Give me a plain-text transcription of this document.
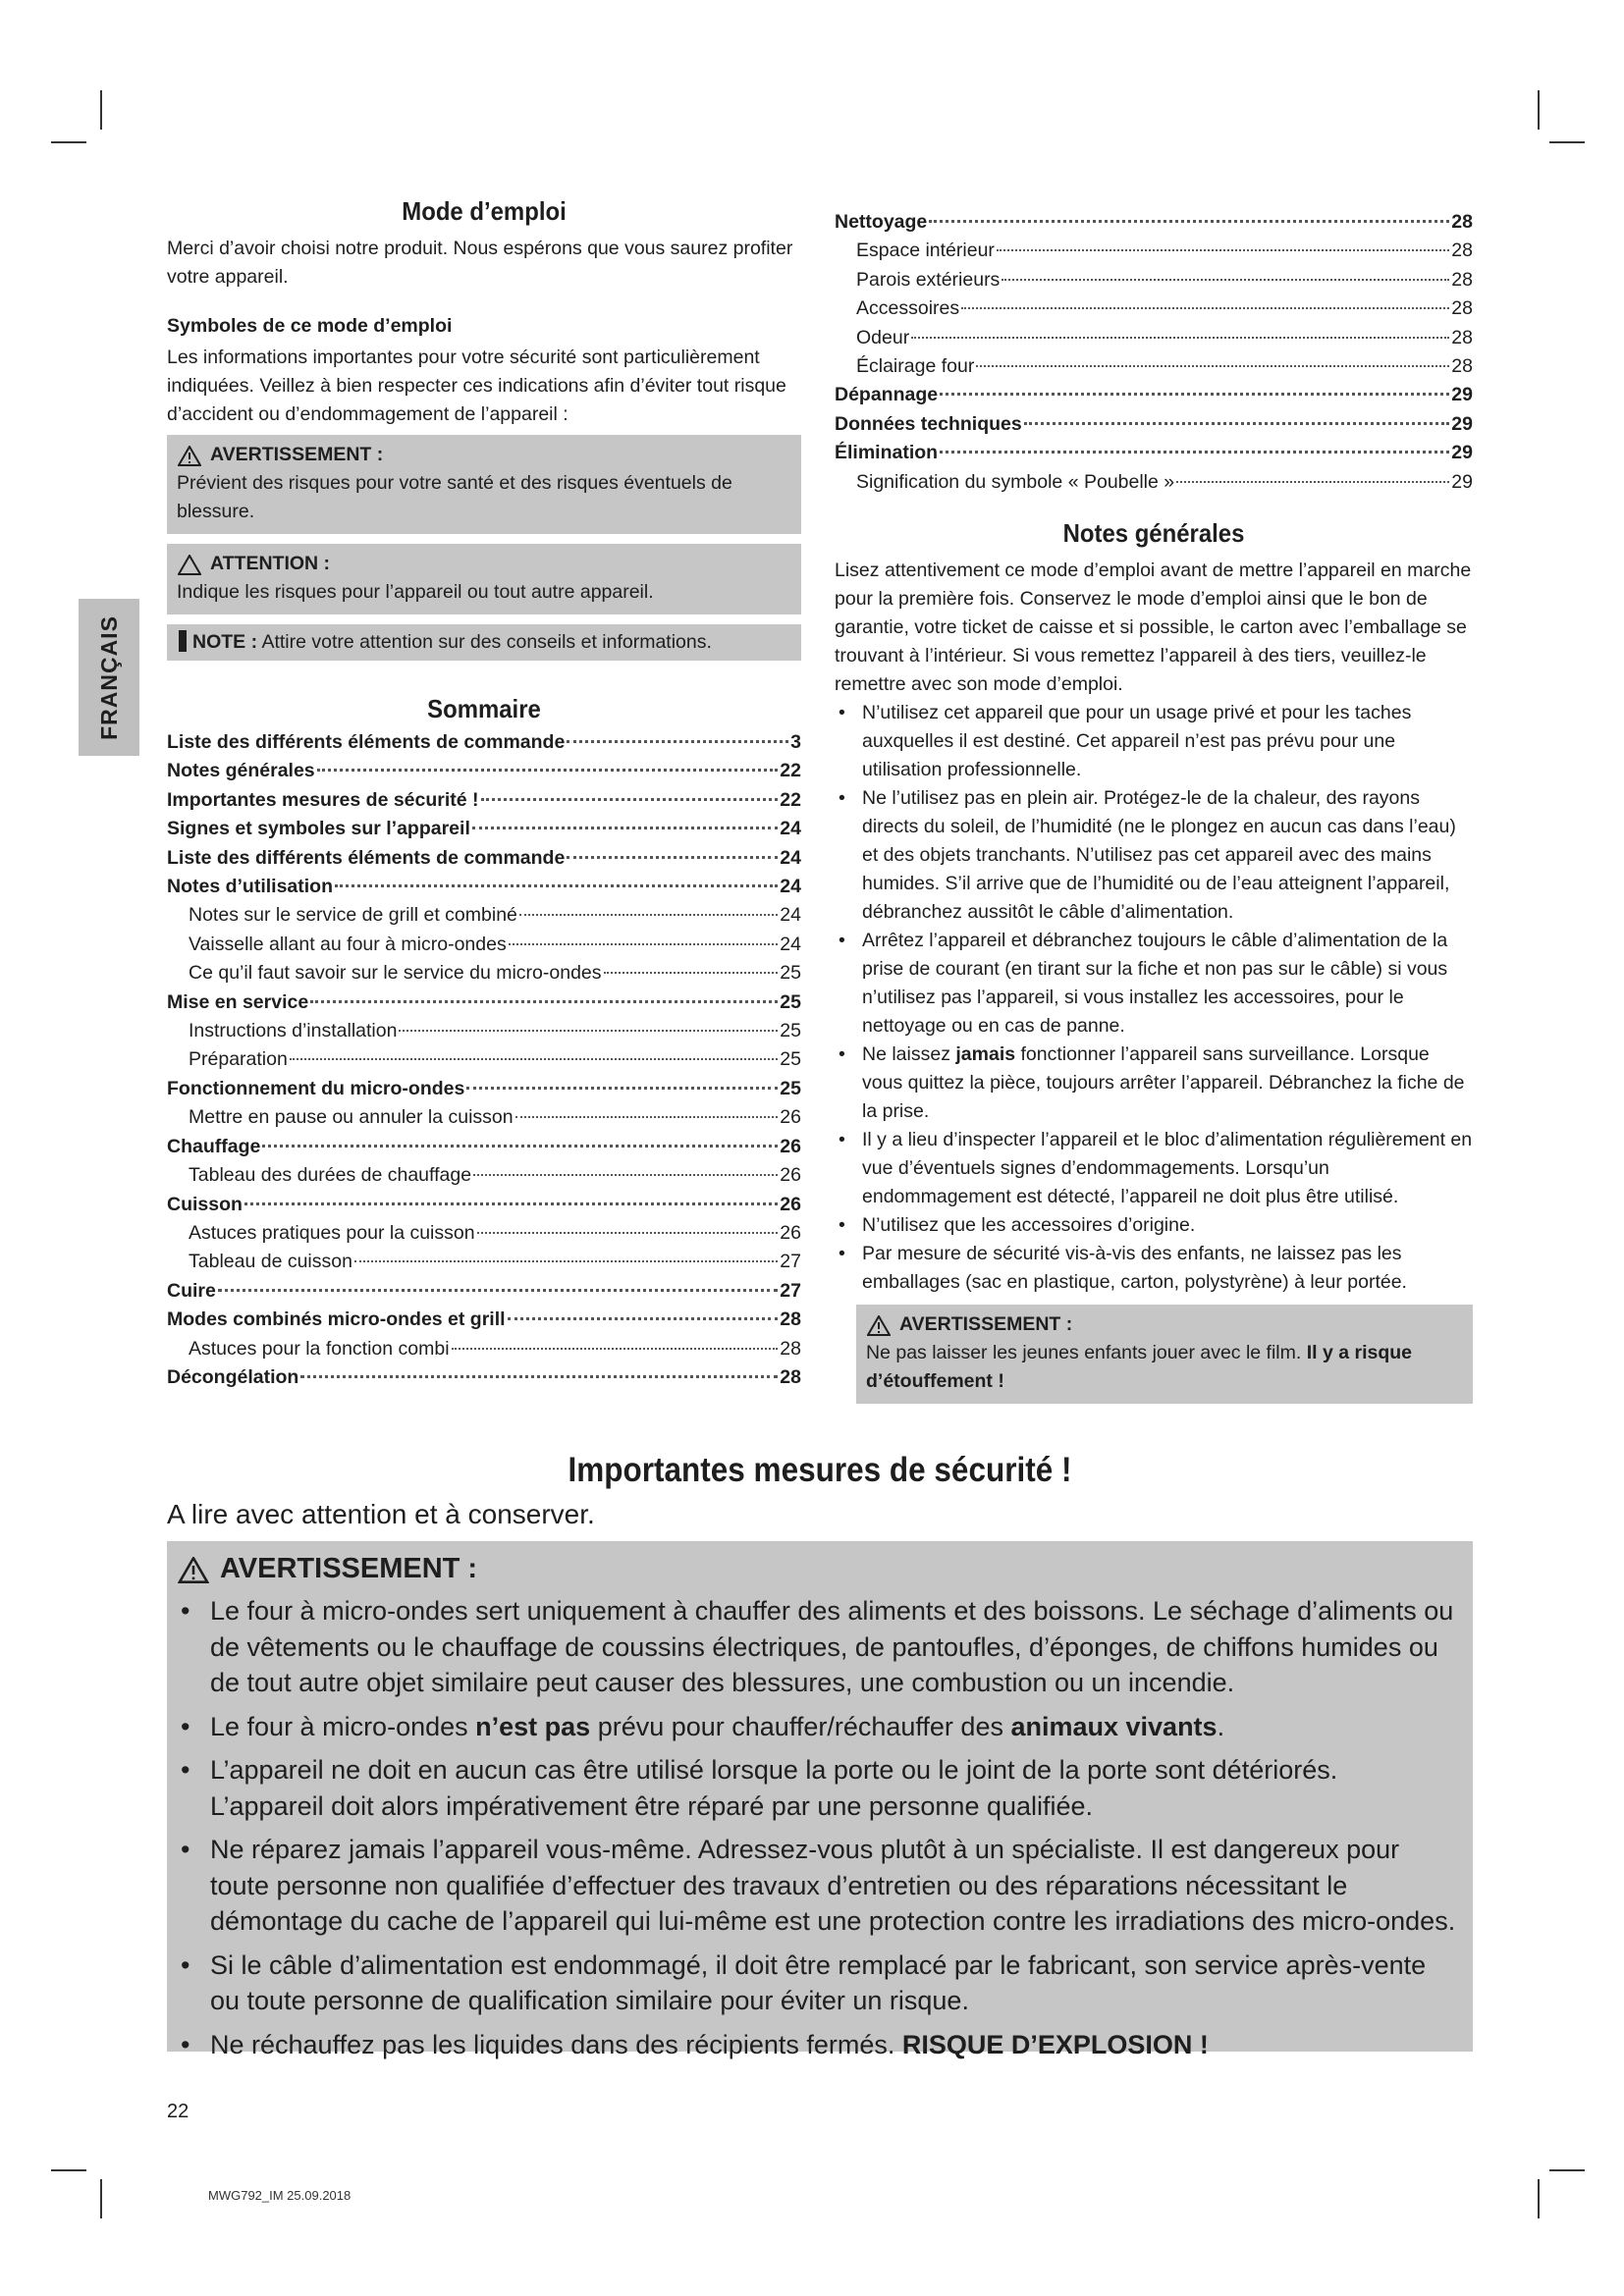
FRANÇAIS
Mode d’emploi

Merci d’avoir choisi notre produit. Nous espérons que vous saurez profiter votre appareil.

Symboles de ce mode d’emploi

Les informations importantes pour votre sécurité sont particulièrement indiquées. Veillez à bien respecter ces indications afin d’éviter tout risque d’accident ou d’endommagement de l’appareil :

AVERTISSEMENT :
Prévient des risques pour votre santé et des risques éventuels de blessure.
ATTENTION :
Indique les risques pour l’appareil ou tout autre appareil.
NOTE : Attire votre attention sur des conseils et informations.
Sommaire
Liste des différents éléments de commande	3
Notes générales	22
Importantes mesures de sécurité !	22
Signes et symboles sur l’appareil	24
Liste des différents éléments de commande	24
Notes d’utilisation	24
Notes sur le service de grill et combiné	24
Vaisselle allant au four à micro-ondes	24
Ce qu’il faut savoir sur le service du micro-ondes	25
Mise en service	25
Instructions d’installation	25
Préparation	25
Fonctionnement du micro-ondes	25
Mettre en pause ou annuler la cuisson	26
Chauffage	26
Tableau des durées de chauffage	26
Cuisson	26
Astuces pratiques pour la cuisson	26
Tableau de cuisson	27
Cuire	27
Modes combinés micro-ondes et grill	28
Astuces pour la fonction combi	28
Décongélation	28
Nettoyage	28
Espace intérieur	28
Parois extérieurs	28
Accessoires	28
Odeur	28
Éclairage four	28
Dépannage	29
Données techniques	29
Élimination	29
Signification du symbole « Poubelle »	29
Notes générales

Lisez attentivement ce mode d’emploi avant de mettre l’appareil en marche pour la première fois. Conservez le mode d’emploi ainsi que le bon de garantie, votre ticket de caisse et si possible, le carton avec l’emballage se trouvant à l’intérieur. Si vous remettez l’appareil à des tiers, veuillez-le remettre avec son mode d’emploi.

• N’utilisez cet appareil que pour un usage privé et pour les taches auxquelles il est destiné. Cet appareil n’est pas prévu pour une utilisation professionnelle.
• Ne l’utilisez pas en plein air. Protégez-le de la chaleur, des rayons directs du soleil, de l’humidité (ne le plongez en aucun cas dans l’eau) et des objets tranchants. N’utilisez pas cet appareil avec des mains humides. S’il arrive que de l’humidité ou de l’eau atteignent l’appareil, débranchez aussitôt le câble d’alimentation.
• Arrêtez l’appareil et débranchez toujours le câble d’alimentation de la prise de courant (en tirant sur la fiche et non pas sur le câble) si vous n’utilisez pas l’appareil, si vous installez les accessoires, pour le nettoyage ou en cas de panne.
• Ne laissez jamais fonctionner l’appareil sans surveillance. Lorsque vous quittez la pièce, toujours arrêter l’appareil. Débranchez la fiche de la prise.
• Il y a lieu d’inspecter l’appareil et le bloc d’alimentation régulièrement en vue d’éventuels signes d’endommagements. Lorsqu’un endommagement est détecté, l’appareil ne doit plus être utilisé.
• N’utilisez que les accessoires d’origine.
• Par mesure de sécurité vis-à-vis des enfants, ne laissez pas les emballages (sac en plastique, carton, polystyrène) à leur portée.
AVERTISSEMENT :
Ne pas laisser les jeunes enfants jouer avec le film. Il y a risque d’étouffement !
Importantes mesures de sécurité !

A lire avec attention et à conserver.

AVERTISSEMENT :
• Le four à micro-ondes sert uniquement à chauffer des aliments et des boissons. Le séchage d’aliments ou de vêtements ou le chauffage de coussins électriques, de pantoufles, d’éponges, de chiffons humides ou de tout autre objet similaire peut causer des blessures, une combustion ou un incendie.
• Le four à micro-ondes n’est pas prévu pour chauffer/réchauffer des animaux vivants.
• L’appareil ne doit en aucun cas être utilisé lorsque la porte ou le joint de la porte sont détériorés. L’appareil doit alors impérativement être réparé par une personne qualifiée.
• Ne réparez jamais l’appareil vous-même. Adressez-vous plutôt à un spécialiste. Il est dangereux pour toute personne non qualifiée d’effectuer des travaux d’entretien ou des réparations nécessitant le démontage du cache de l’appareil qui lui-même est une protection contre les irradiations des micro-ondes.
• Si le câble d’alimentation est endommagé, il doit être remplacé par le fabricant, son service après-vente ou toute personne de qualification similaire pour éviter un risque.
• Ne réchauffez pas les liquides dans des récipients fermés. RISQUE D’EXPLOSION !
22
MWG792_IM 25.09.2018
